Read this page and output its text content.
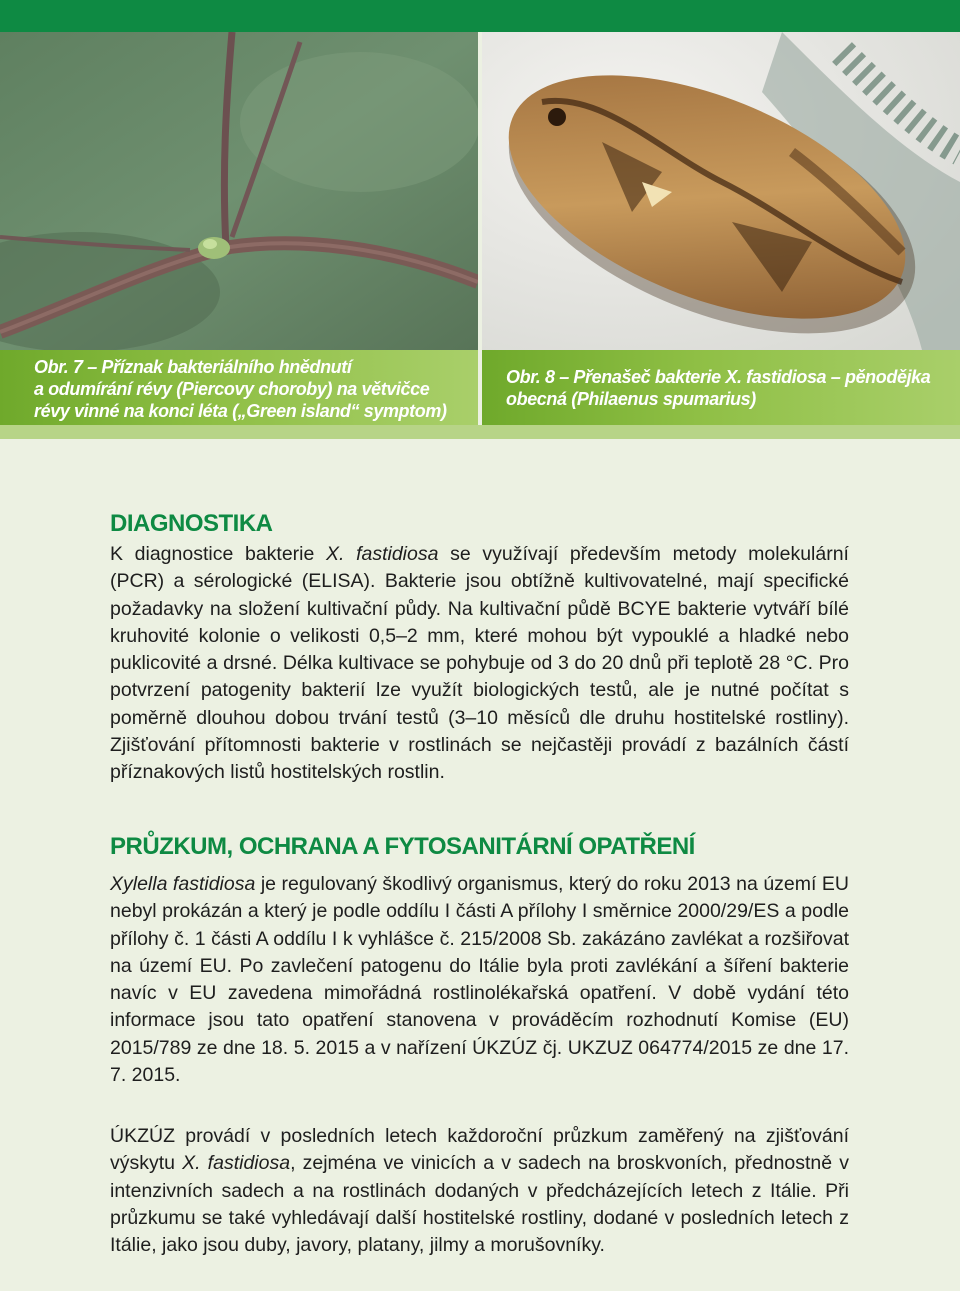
Obr. 7 – Příznak bakteriálního hnědnutí
a odumírání révy (Piercovy choroby) na větvičce
révy vinné na konci léta („Green island“ symptom)
Obr. 8 – Přenašeč bakterie X. fastidiosa – pěnodějka
obecná (Philaenus spumarius)
DIAGNOSTIKA

K diagnostice bakterie X. fastidiosa se využívají především metody molekulární (PCR) a sérologické (ELISA). Bakterie jsou obtížně kultivovatelné, mají specifické požadavky na složení kultivační půdy. Na kultivační půdě BCYE bakterie vytváří bílé kruhovité kolonie o velikosti 0,5–2 mm, které mohou být vypouklé a hladké nebo puklicovité a drsné. Délka kultivace se pohybuje od 3 do 20 dnů při teplotě 28 °C. Pro potvrzení patogenity bakterií lze využít biologických testů, ale je nutné počítat s poměrně dlouhou dobou trvání testů (3–10 měsíců dle druhu hostitelské rostliny). Zjišťování přítomnosti bakterie v rostlinách se nejčastěji provádí z bazálních částí příznakových listů hostitelských rostlin.

PRŮZKUM, OCHRANA A FYTOSANITÁRNÍ OPATŘENÍ

Xylella fastidiosa je regulovaný škodlivý organismus, který do roku 2013 na území EU nebyl prokázán a který je podle oddílu I části A přílohy I směrnice 2000/29/ES a podle přílohy č. 1 části A oddílu I k vyhlášce č. 215/2008 Sb. zakázáno zavlékat a rozšiřovat na území EU. Po zavlečení patogenu do Itálie byla proti zavlékání a šíření bakterie navíc v EU zavedena mimořádná rostlinolékařská opatření. V době vydání této informace jsou tato opatření stanovena v prováděcím rozhodnutí Komise (EU) 2015/789 ze dne 18. 5. 2015 a v nařízení ÚKZÚZ čj. UKZUZ 064774/2015 ze dne 17. 7. 2015.

ÚKZÚZ provádí v posledních letech každoroční průzkum zaměřený na zjišťování výskytu X. fastidiosa, zejména ve vinicích a v sadech na broskvoních, přednostně v intenzivních sadech a na rostlinách dodaných v předcházejících letech z Itálie. Při průzkumu se také vyhledávají další hostitelské rostliny, dodané v posledních letech z Itálie, jako jsou duby, javory, platany, jilmy a morušovníky.
